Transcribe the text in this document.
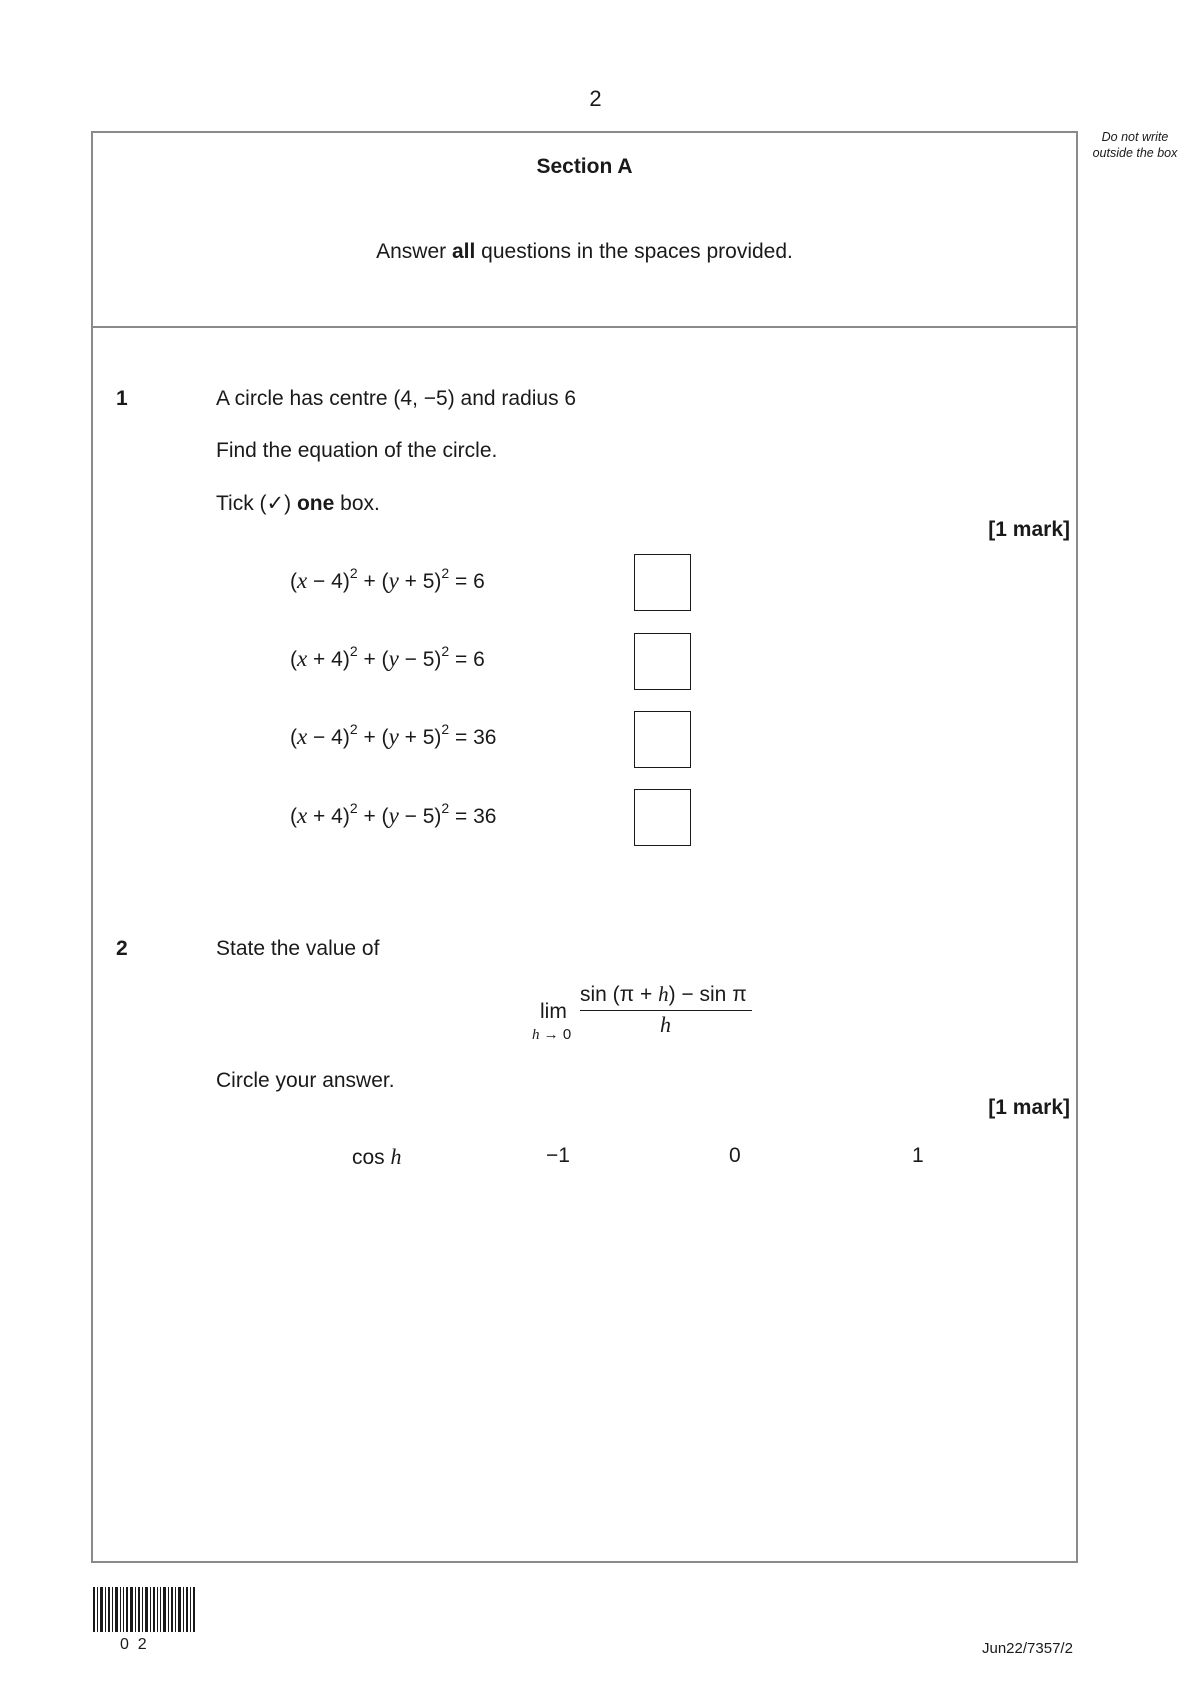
2
Do not write outside the box
Section A
Answer all questions in the spaces provided.
1	A circle has centre (4, −5) and radius 6
Find the equation of the circle.
Tick (✓) one box.
[1 mark]
$(x - 4)^2 + (y + 5)^2 = 6$
$(x + 4)^2 + (y - 5)^2 = 6$
$(x - 4)^2 + (y + 5)^2 = 36$
$(x + 4)^2 + (y - 5)^2 = 36$
2	State the value of
lim
h → 0
sin (π + h) − sin π
h
Circle your answer.
[1 mark]
cos h	−1	0	1
0  2	Jun22/7357/2
